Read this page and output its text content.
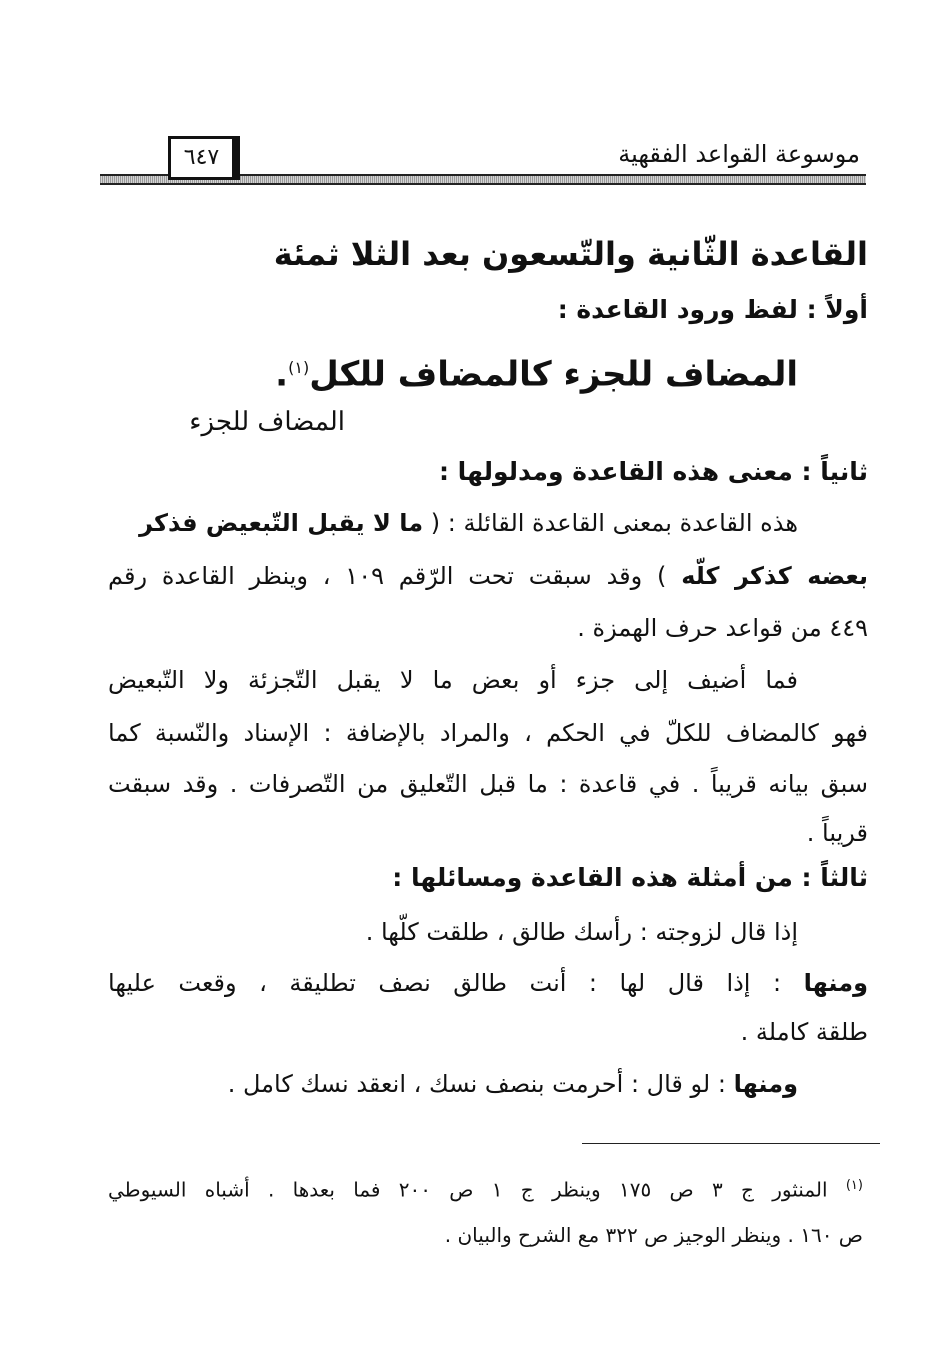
موسوعة القواعد الفقهية
٦٤٧
القاعدة الثّانية والتّسعون بعد الثلا ثمئة
أولاً : لفظ ورود القاعدة :
المضاف للجزء كالمضاف للكل$^{(١)}$.
المضاف للجزء
ثانياً : معنى هذه القاعدة ومدلولها :
هذه القاعدة بمعنى القاعدة القائلة : ( ما لا يقبل التّبعيض فذكر
بعضه كذكر كلّه ) وقد سبقت تحت الرّقم ١٠٩ ، وينظر القاعدة رقم
٤٤٩ من قواعد حرف الهمزة .
فما أضيف إلى جزء أو بعض ما لا يقبل التّجزئة ولا التّبعيض
فهو كالمضاف للكلّ في الحكم ، والمراد بالإضافة : الإسناد والنّسبة كما
سبق بيانه قريباً . في قاعدة : ما قبل التّعليق من التّصرفات . وقد سبقت
قريباً .
ثالثاً : من أمثلة هذه القاعدة ومسائلها :
إذا قال لزوجته : رأسك طالق ، طلقت كلّها .
ومنها : إذا قال لها : أنت طالق نصف تطليقة ، وقعت عليها
طلقة كاملة .
ومنها : لو قال : أحرمت بنصف نسك ، انعقد نسك كامل .
$^{(١)}$ المنثور ج ٣ ص ١٧٥ وينظر ج ١ ص ٢٠٠ فما بعدها . أشباه السيوطي
ص ١٦٠ . وينظر الوجيز ص ٣٢٢ مع الشرح والبيان .
